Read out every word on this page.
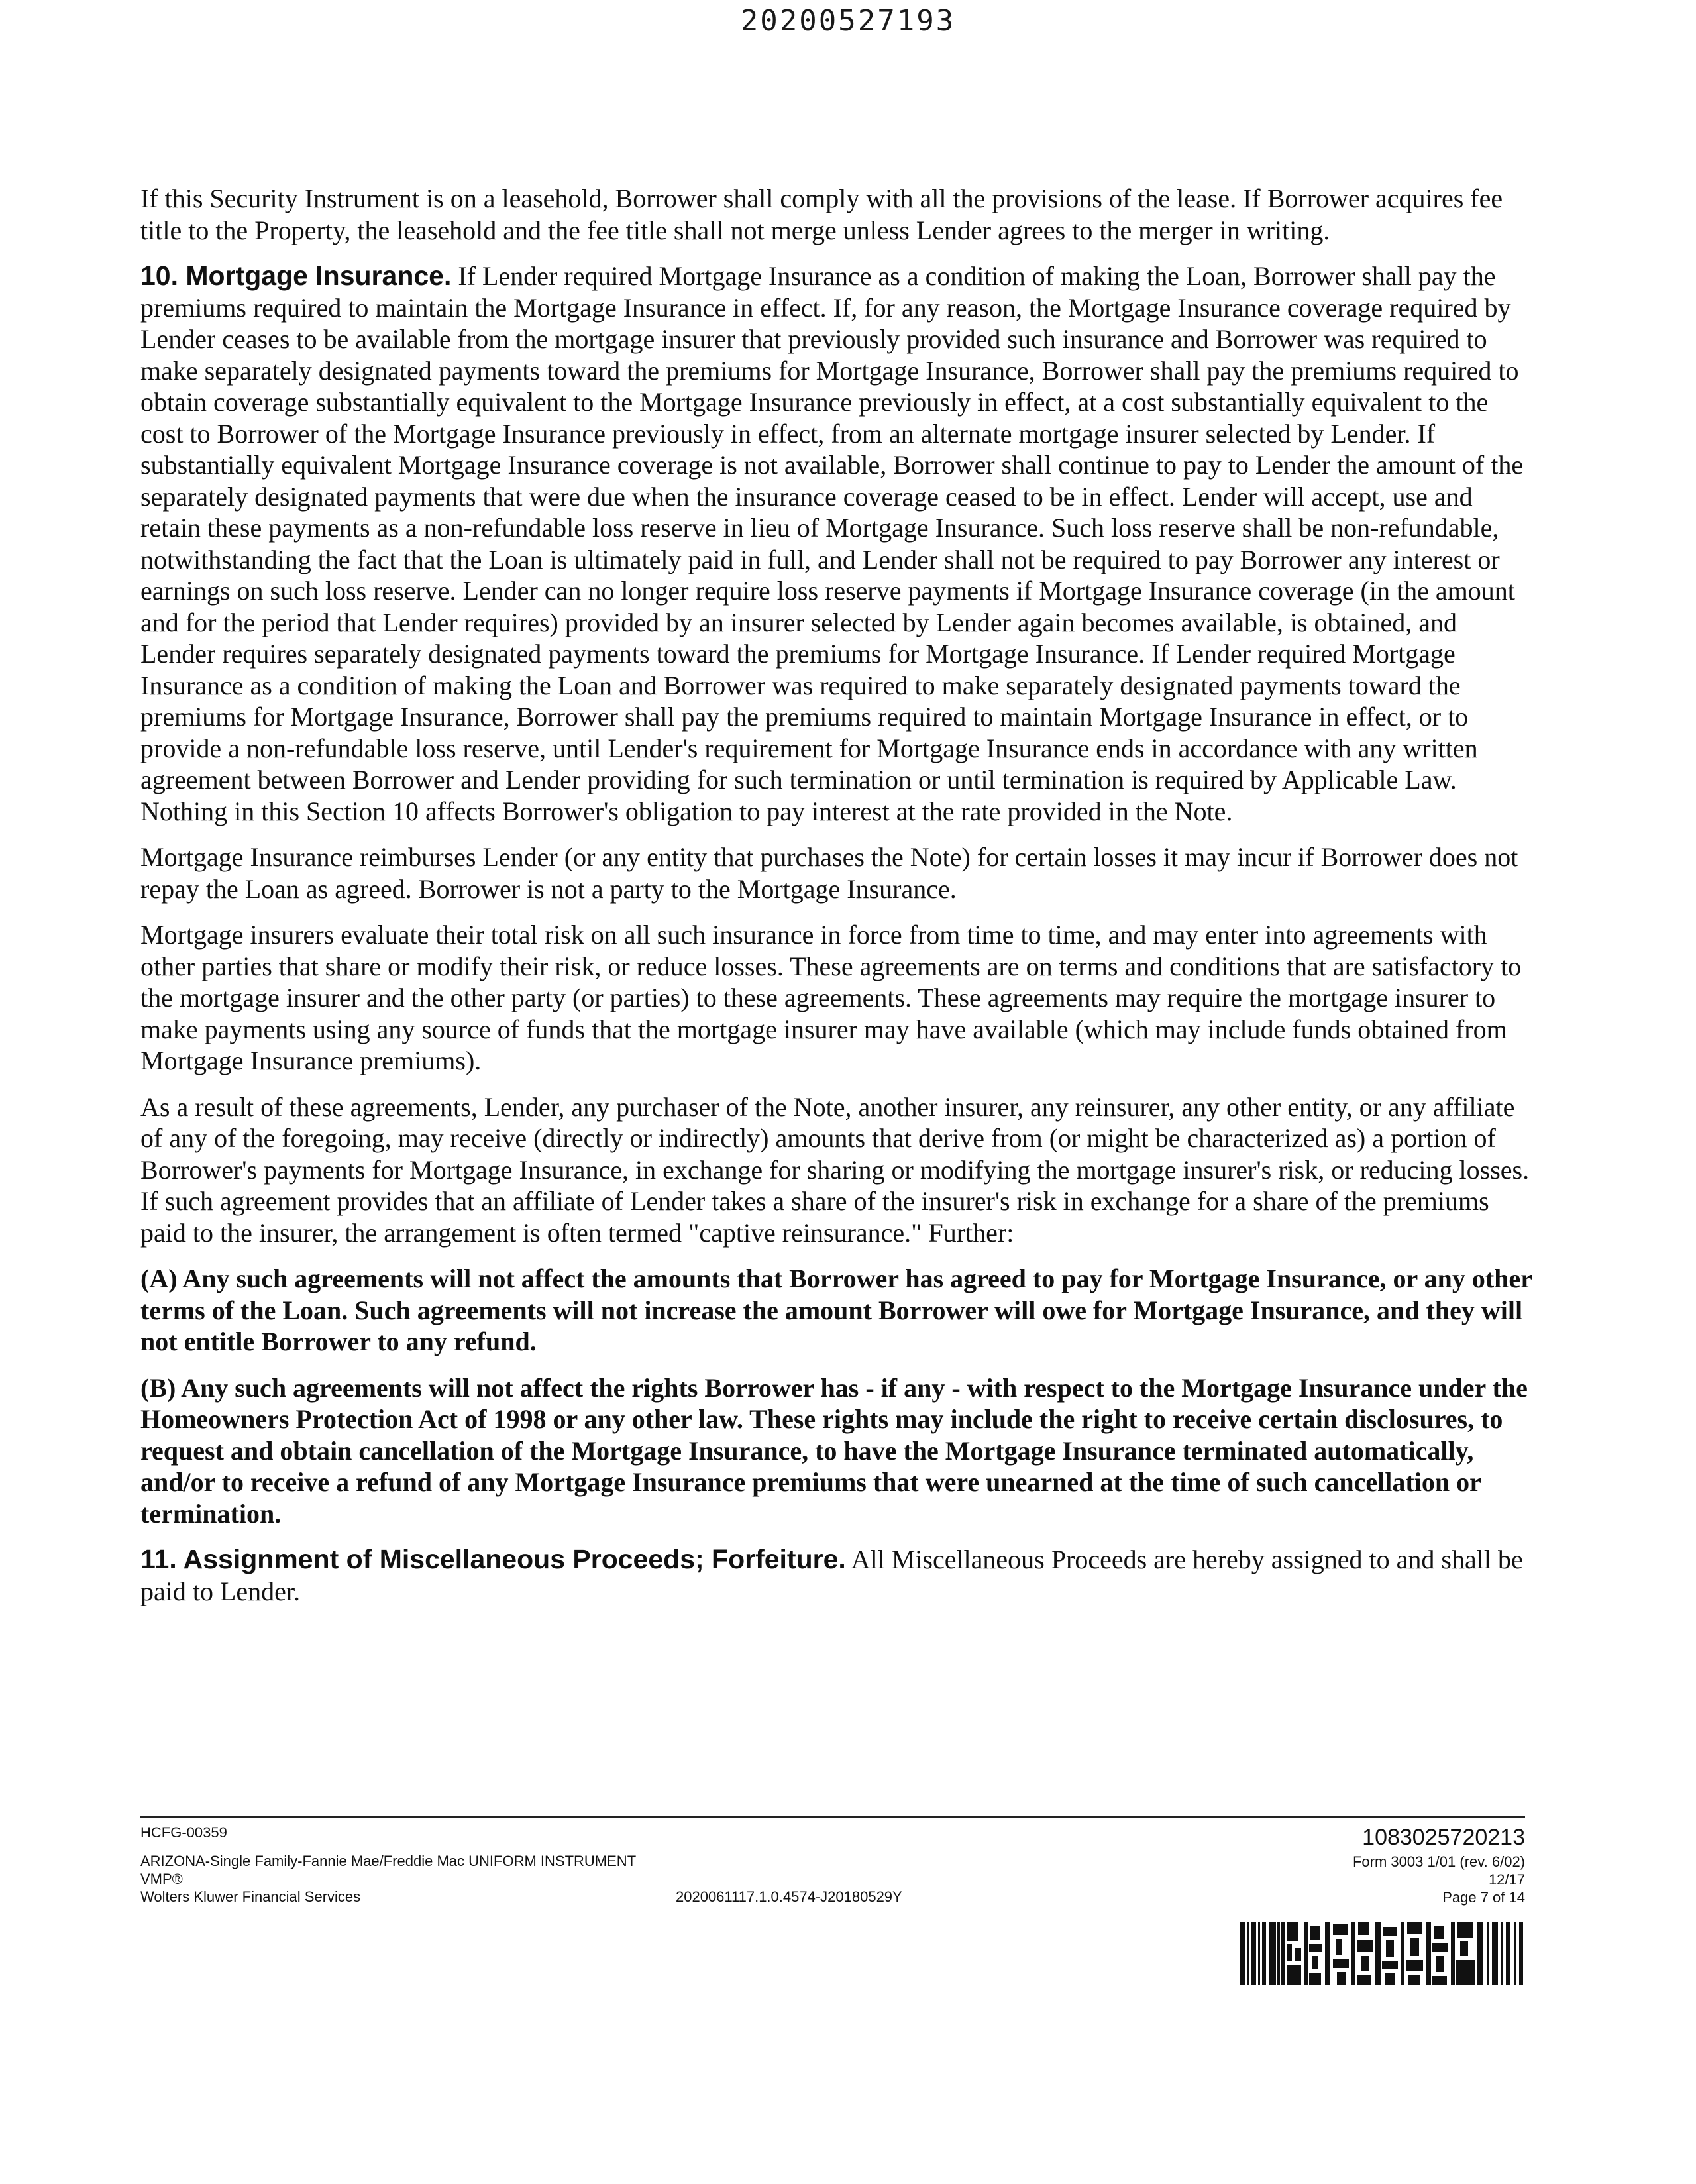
20200527193

If this Security Instrument is on a leasehold, Borrower shall comply with all the provisions of the lease. If Borrower acquires fee title to the Property, the leasehold and the fee title shall not merge unless Lender agrees to the merger in writing.

10. Mortgage Insurance. If Lender required Mortgage Insurance as a condition of making the Loan, Borrower shall pay the premiums required to maintain the Mortgage Insurance in effect. If, for any reason, the Mortgage Insurance coverage required by Lender ceases to be available from the mortgage insurer that previously provided such insurance and Borrower was required to make separately designated payments toward the premiums for Mortgage Insurance, Borrower shall pay the premiums required to obtain coverage substantially equivalent to the Mortgage Insurance previously in effect, at a cost substantially equivalent to the cost to Borrower of the Mortgage Insurance previously in effect, from an alternate mortgage insurer selected by Lender. If substantially equivalent Mortgage Insurance coverage is not available, Borrower shall continue to pay to Lender the amount of the separately designated payments that were due when the insurance coverage ceased to be in effect. Lender will accept, use and retain these payments as a non-refundable loss reserve in lieu of Mortgage Insurance. Such loss reserve shall be non-refundable, notwithstanding the fact that the Loan is ultimately paid in full, and Lender shall not be required to pay Borrower any interest or earnings on such loss reserve. Lender can no longer require loss reserve payments if Mortgage Insurance coverage (in the amount and for the period that Lender requires) provided by an insurer selected by Lender again becomes available, is obtained, and Lender requires separately designated payments toward the premiums for Mortgage Insurance. If Lender required Mortgage Insurance as a condition of making the Loan and Borrower was required to make separately designated payments toward the premiums for Mortgage Insurance, Borrower shall pay the premiums required to maintain Mortgage Insurance in effect, or to provide a non-refundable loss reserve, until Lender's requirement for Mortgage Insurance ends in accordance with any written agreement between Borrower and Lender providing for such termination or until termination is required by Applicable Law. Nothing in this Section 10 affects Borrower's obligation to pay interest at the rate provided in the Note.

Mortgage Insurance reimburses Lender (or any entity that purchases the Note) for certain losses it may incur if Borrower does not repay the Loan as agreed. Borrower is not a party to the Mortgage Insurance.

Mortgage insurers evaluate their total risk on all such insurance in force from time to time, and may enter into agreements with other parties that share or modify their risk, or reduce losses. These agreements are on terms and conditions that are satisfactory to the mortgage insurer and the other party (or parties) to these agreements. These agreements may require the mortgage insurer to make payments using any source of funds that the mortgage insurer may have available (which may include funds obtained from Mortgage Insurance premiums).

As a result of these agreements, Lender, any purchaser of the Note, another insurer, any reinsurer, any other entity, or any affiliate of any of the foregoing, may receive (directly or indirectly) amounts that derive from (or might be characterized as) a portion of Borrower's payments for Mortgage Insurance, in exchange for sharing or modifying the mortgage insurer's risk, or reducing losses. If such agreement provides that an affiliate of Lender takes a share of the insurer's risk in exchange for a share of the premiums paid to the insurer, the arrangement is often termed "captive reinsurance." Further:

(A) Any such agreements will not affect the amounts that Borrower has agreed to pay for Mortgage Insurance, or any other terms of the Loan. Such agreements will not increase the amount Borrower will owe for Mortgage Insurance, and they will not entitle Borrower to any refund.

(B) Any such agreements will not affect the rights Borrower has - if any - with respect to the Mortgage Insurance under the Homeowners Protection Act of 1998 or any other law. These rights may include the right to receive certain disclosures, to request and obtain cancellation of the Mortgage Insurance, to have the Mortgage Insurance terminated automatically, and/or to receive a refund of any Mortgage Insurance premiums that were unearned at the time of such cancellation or termination.

11. Assignment of Miscellaneous Proceeds; Forfeiture. All Miscellaneous Proceeds are hereby assigned to and shall be paid to Lender.

HCFG-00359
ARIZONA-Single Family-Fannie Mae/Freddie Mac UNIFORM INSTRUMENT
VMP®
Wolters Kluwer Financial Services	2020061117.1.0.4574-J20180529Y
1083025720213
Form 3003 1/01 (rev. 6/02)
12/17
Page 7 of 14
